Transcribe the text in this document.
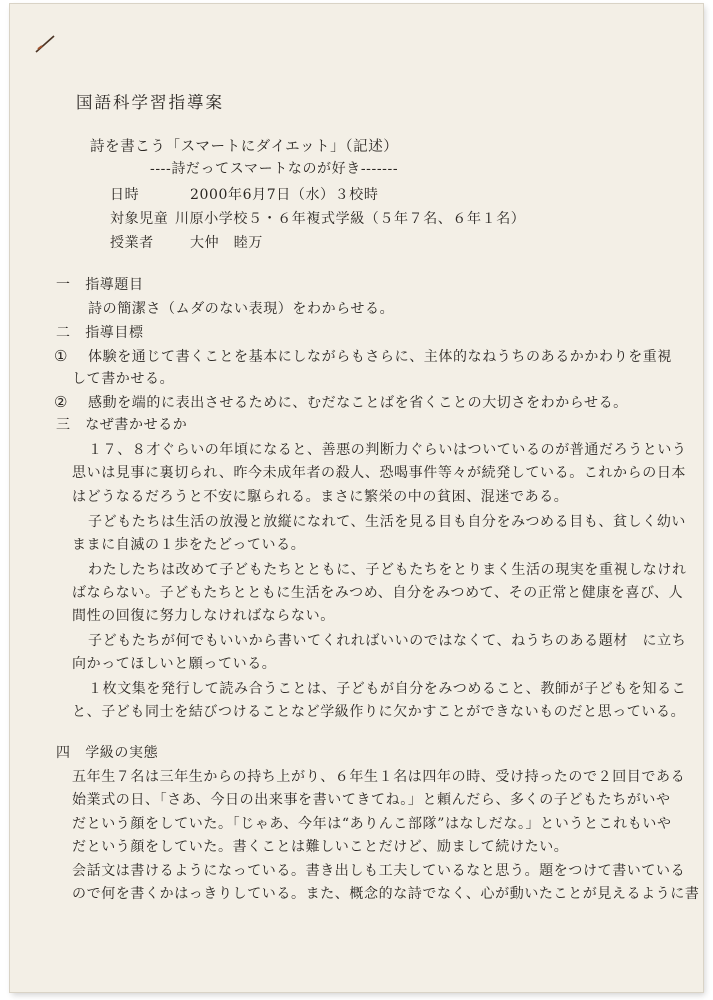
国語科学習指導案
詩を書こう「スマートにダイエット」（記述）
----詩だってスマートなのが好き-------
日時	2000年6月7日（水）３校時
対象児童 川原小学校５・６年複式学級（５年７名、６年１名）
授業者	大仲　睦万
一　指導題目
詩の簡潔さ（ムダのない表現）をわからせる。
二　指導目標
① 体験を通じて書くことを基本にしながらもさらに、主体的なねうちのあるかかわりを重視
して書かせる。
② 感動を端的に表出させるために、むだなことばを省くことの大切さをわからせる。
三　なぜ書かせるか
１７、８才ぐらいの年頃になると、善悪の判断力ぐらいはついているのが普通だろうという
思いは見事に裏切られ、昨今未成年者の殺人、恐喝事件等々が続発している。これからの日本
はどうなるだろうと不安に駆られる。まさに繁栄の中の貧困、混迷である。
子どもたちは生活の放漫と放縦になれて、生活を見る目も自分をみつめる目も、貧しく幼い
ままに自滅の１歩をたどっている。
わたしたちは改めて子どもたちとともに、子どもたちをとりまく生活の現実を重視しなけれ
ばならない。子どもたちとともに生活をみつめ、自分をみつめて、その正常と健康を喜び、人
間性の回復に努力しなければならない。
子どもたちが何でもいいから書いてくれればいいのではなくて、ねうちのある題材　に立ち
向かってほしいと願っている。
１枚文集を発行して読み合うことは、子どもが自分をみつめること、教師が子どもを知るこ
と、子ども同士を結びつけることなど学級作りに欠かすことができないものだと思っている。
四　学級の実態
五年生７名は三年生からの持ち上がり、６年生１名は四年の時、受け持ったので２回目である
始業式の日、「さあ、今日の出来事を書いてきてね。」と頼んだら、多くの子どもたちがいや
だという顔をしていた。「じゃあ、今年は“ありんこ部隊”はなしだな。」というとこれもいや
だという顔をしていた。書くことは難しいことだけど、励まして続けたい。
会話文は書けるようになっている。書き出しも工夫しているなと思う。題をつけて書いている
ので何を書くかはっきりしている。また、概念的な詩でなく、心が動いたことが見えるように書
